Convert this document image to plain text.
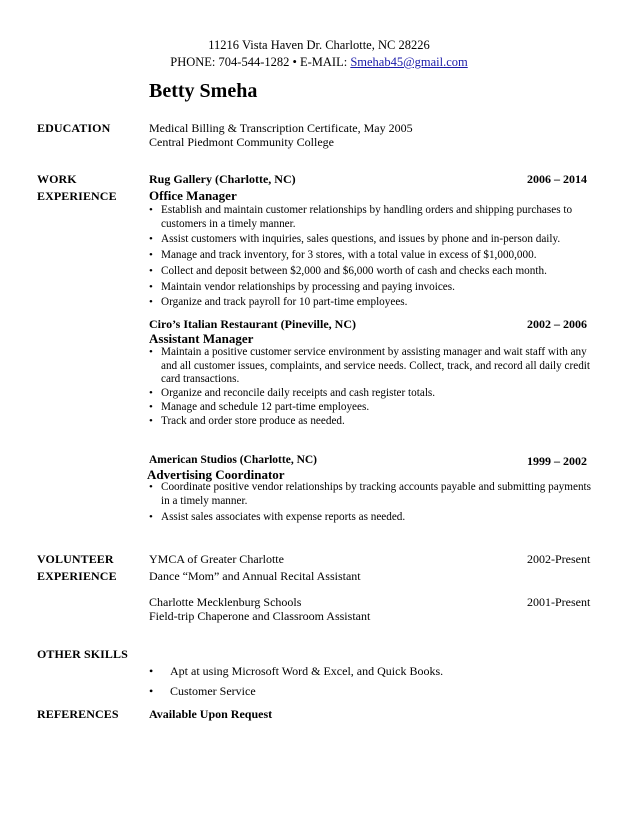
11216 Vista Haven Dr. Charlotte, NC 28226
PHONE: 704-544-1282 • E-MAIL: Smehab45@gmail.com
Betty Smeha
EDUCATION	Medical Billing & Transcription Certificate, May 2005
Central Piedmont Community College
WORK
EXPERIENCE
Rug Gallery (Charlotte, NC)	2006 – 2014
Office Manager
• Establish and maintain customer relationships by handling orders and shipping purchases to customers in a timely manner.
• Assist customers with inquiries, sales questions, and issues by phone and in-person daily.
• Manage and track inventory, for 3 stores, with a total value in excess of $1,000,000.
• Collect and deposit between $2,000 and $6,000 worth of cash and checks each month.
• Maintain vendor relationships by processing and paying invoices.
• Organize and track payroll for 10 part-time employees.
Ciro’s Italian Restaurant (Pineville, NC)	2002 – 2006
Assistant Manager
• Maintain a positive customer service environment by assisting manager and wait staff with any and all customer issues, complaints, and service needs. Collect, track, and record all daily credit card transactions.
• Organize and reconcile daily receipts and cash register totals.
• Manage and schedule 12 part-time employees.
• Track and order store produce as needed.
American Studios (Charlotte, NC)	1999 – 2002
Advertising Coordinator
• Coordinate positive vendor relationships by tracking accounts payable and submitting payments in a timely manner.
• Assist sales associates with expense reports as needed.
VOLUNTEER
EXPERIENCE
YMCA of Greater Charlotte	2002-Present
Dance “Mom” and Annual Recital Assistant
Charlotte Mecklenburg Schools	2001-Present
Field-trip Chaperone and Classroom Assistant
OTHER SKILLS
• Apt at using Microsoft Word & Excel, and Quick Books.
• Customer Service
REFERENCES	Available Upon Request
